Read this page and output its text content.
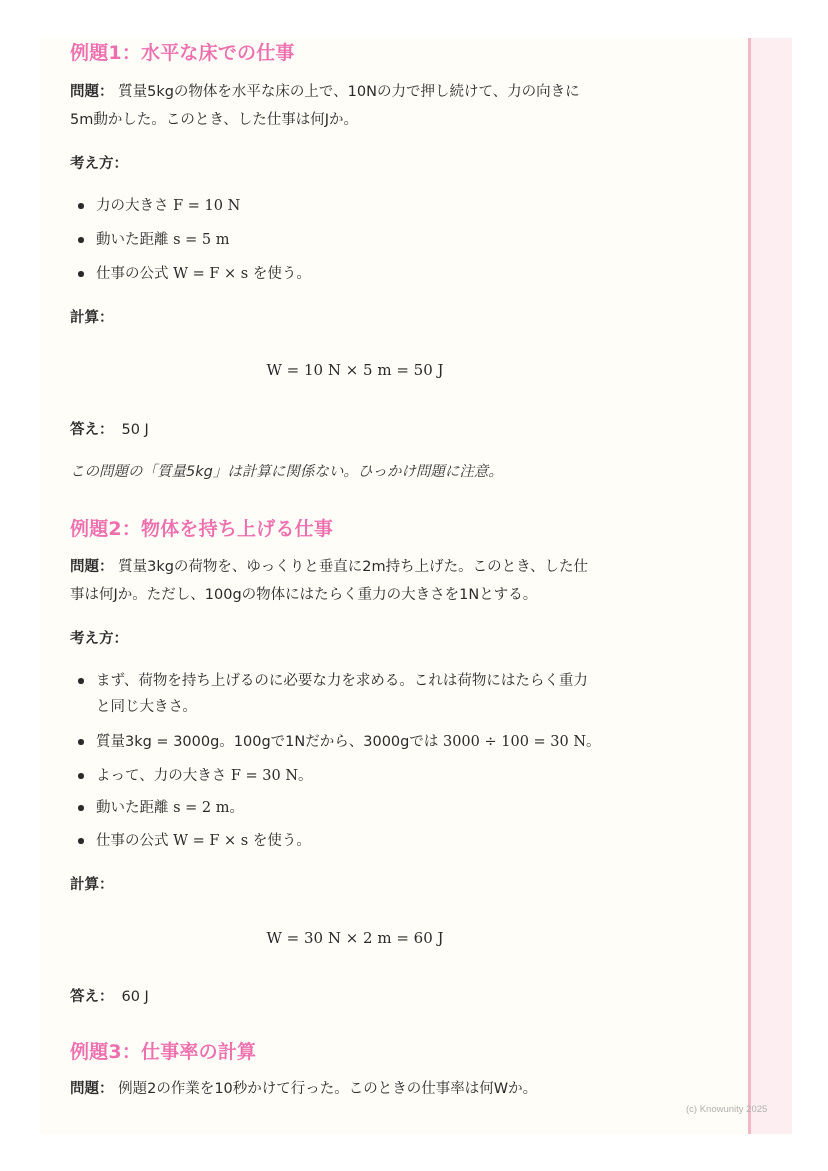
例題1：水平な床での仕事
問題： 質量5kgの物体を水平な床の上で、10Nの力で押し続けて、力の向きに
5m動かした。このとき、した仕事は何Jか。
考え方：
力の大きさ F = 10 N
動いた距離 s = 5 m
仕事の公式 W = F × s を使う。
計算：
W = 10 N × 5 m = 50 J
答え： 50 J
この問題の「質量5kg」は計算に関係ない。ひっかけ問題に注意。
例題2：物体を持ち上げる仕事
問題： 質量3kgの荷物を、ゆっくりと垂直に2m持ち上げた。このとき、した仕
事は何Jか。ただし、100gの物体にはたらく重力の大きさを1Nとする。
考え方：
まず、荷物を持ち上げるのに必要な力を求める。これは荷物にはたらく重力
と同じ大きさ。
質量3kg = 3000g。100gで1Nだから、3000gでは 3000 ÷ 100 = 30 N。
よって、力の大きさ F = 30 N。
動いた距離 s = 2 m。
仕事の公式 W = F × s を使う。
計算：
W = 30 N × 2 m = 60 J
答え： 60 J
例題3：仕事率の計算
問題： 例題2の作業を10秒かけて行った。このときの仕事率は何Wか。
(c) Knowunity 2025
